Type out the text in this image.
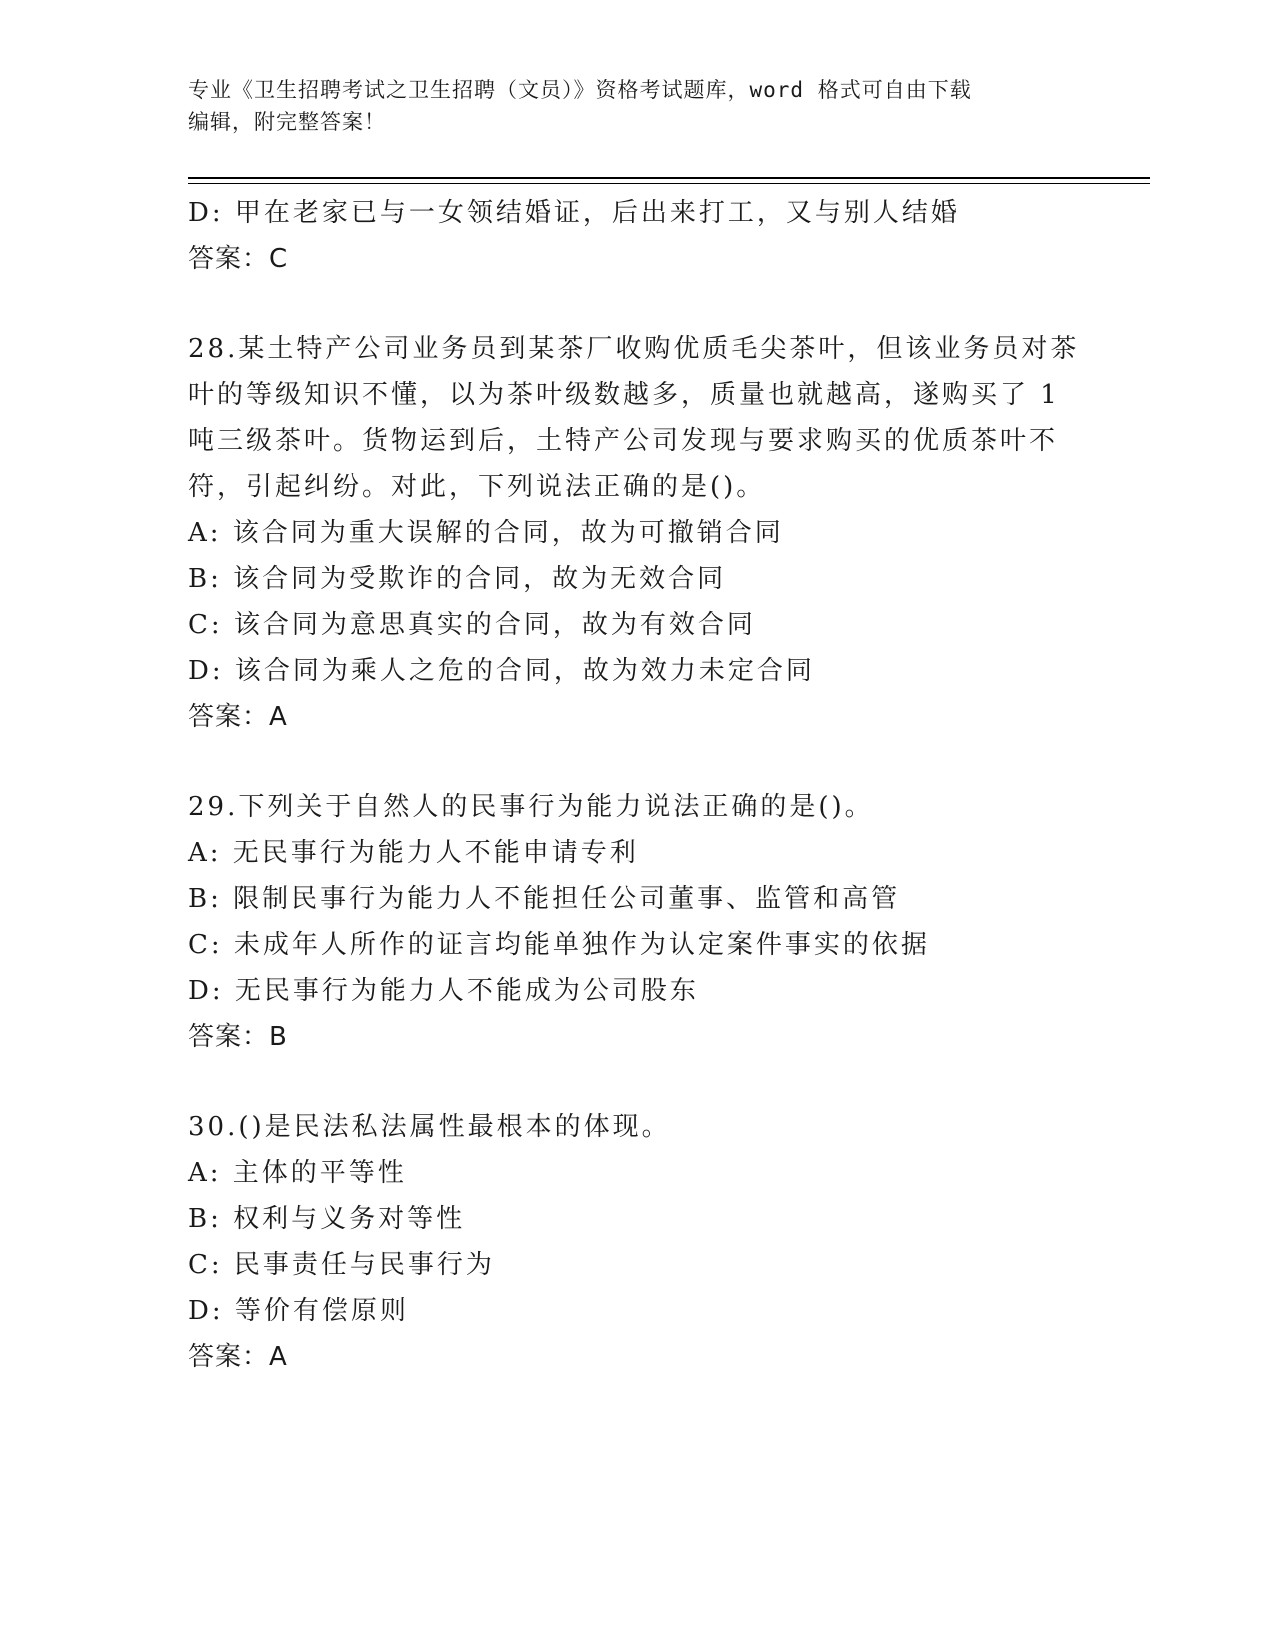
专业《卫生招聘考试之卫生招聘（文员）》资格考试题库，word 格式可自由下载
编辑，附完整答案！
D: 甲在老家已与一女领结婚证，后出来打工，又与别人结婚
答案：C
28.某土特产公司业务员到某茶厂收购优质毛尖茶叶，但该业务员对茶
叶的等级知识不懂，以为茶叶级数越多，质量也就越高，遂购买了 1
吨三级茶叶。货物运到后，土特产公司发现与要求购买的优质茶叶不
符，引起纠纷。对此，下列说法正确的是()。
A: 该合同为重大误解的合同，故为可撤销合同
B: 该合同为受欺诈的合同，故为无效合同
C: 该合同为意思真实的合同，故为有效合同
D: 该合同为乘人之危的合同，故为效力未定合同
答案：A
29.下列关于自然人的民事行为能力说法正确的是()。
A: 无民事行为能力人不能申请专利
B: 限制民事行为能力人不能担任公司董事、监管和高管
C: 未成年人所作的证言均能单独作为认定案件事实的依据
D: 无民事行为能力人不能成为公司股东
答案：B
30.()是民法私法属性最根本的体现。
A: 主体的平等性
B: 权利与义务对等性
C: 民事责任与民事行为
D: 等价有偿原则
答案：A
